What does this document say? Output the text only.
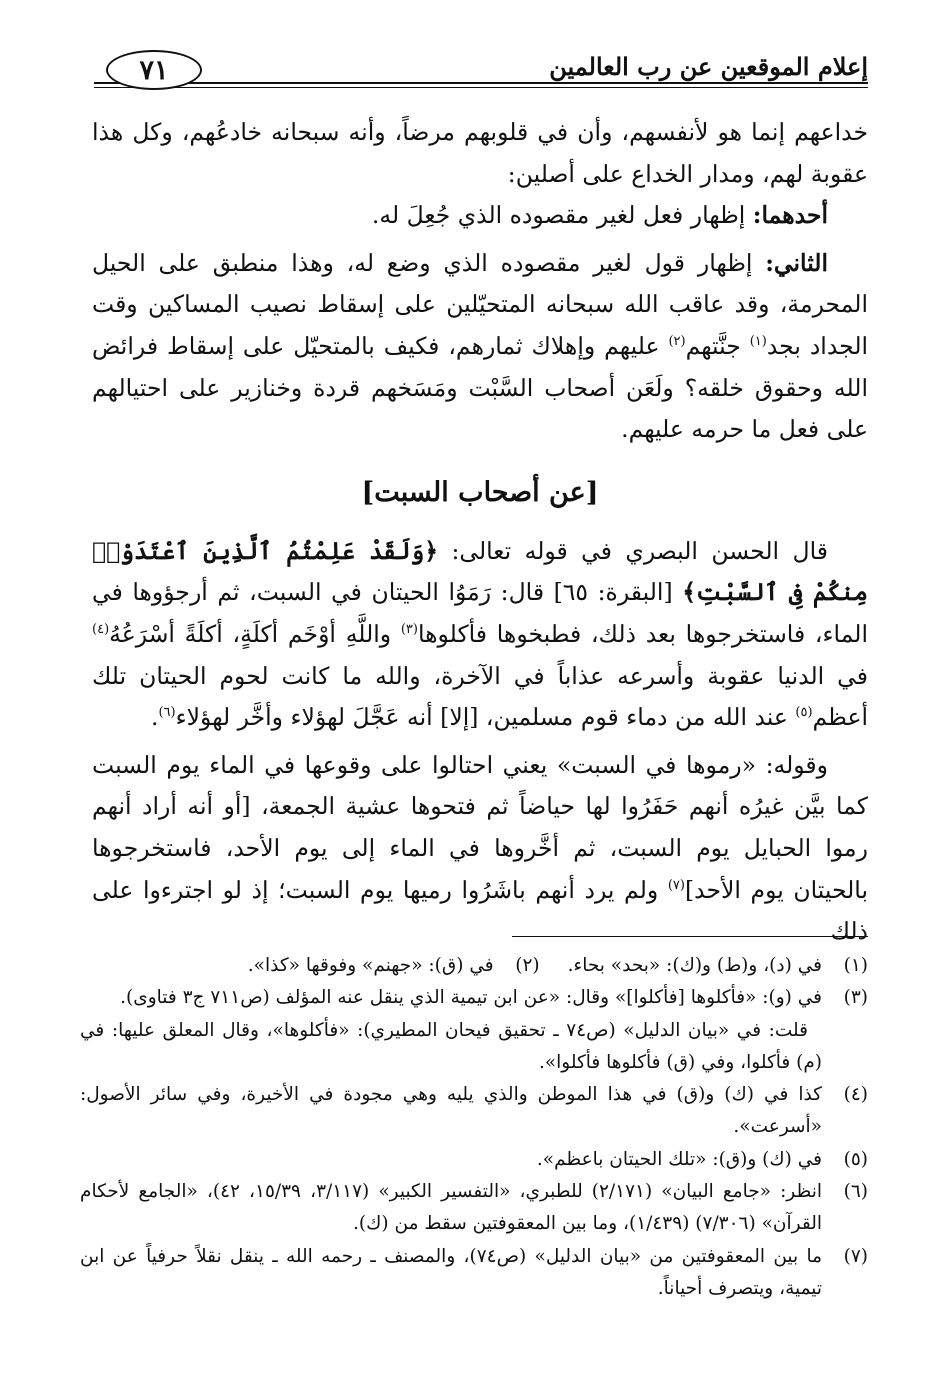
إعلام الموقعين عن رب العالمين
٧١

خداعهم إنما هو لأنفسهم، وأن في قلوبهم مرضاً، وأنه سبحانه خادعُهم، وكل هذا عقوبة لهم، ومدار الخداع على أصلين:

أحدهما: إظهار فعل لغير مقصوده الذي جُعِلَ له.

الثاني: إظهار قول لغير مقصوده الذي وضع له، وهذا منطبق على الحيل المحرمة، وقد عاقب الله سبحانه المتحيّلين على إسقاط نصيب المساكين وقت الجداد بجد$^{(١)}$ جنَّتهم$^{(٢)}$ عليهم وإهلاك ثمارهم، فكيف بالمتحيّل على إسقاط فرائض الله وحقوق خلقه؟ ولَعَن أصحاب السَّبْت ومَسَخهم قردة وخنازير على احتيالهم على فعل ما حرمه عليهم.

[عن أصحاب السبت]

قال الحسن البصري في قوله تعالى: ﴿وَلَقَدْ عَلِمْتُمُ ٱلَّذِينَ ٱعْتَدَوْا۟ مِنكُمْ فِى ٱلسَّبْتِ﴾ [البقرة: ٦٥] قال: رَمَوُا الحيتان في السبت، ثم أرجؤوها في الماء، فاستخرجوها بعد ذلك، فطبخوها فأكلوها$^{(٣)}$ واللَّهِ أوْخَم أكلَةٍ، أكلَةً أسْرَعُهُ$^{(٤)}$ في الدنيا عقوبة وأسرعه عذاباً في الآخرة، والله ما كانت لحوم الحيتان تلك أعظم$^{(٥)}$ عند الله من دماء قوم مسلمين، [إلا] أنه عَجَّلَ لهؤلاء وأخَّر لهؤلاء$^{(٦)}$.

وقوله: «رموها في السبت» يعني احتالوا على وقوعها في الماء يوم السبت كما بيَّن غيرُه أنهم حَفَرُوا لها حياضاً ثم فتحوها عشية الجمعة، [أو أنه أراد أنهم رموا الحبايل يوم السبت، ثم أخَّروها في الماء إلى يوم الأحد، فاستخرجوها بالحيتان يوم الأحد]$^{(٧)}$ ولم يرد أنهم باشَرُوا رميها يوم السبت؛ إذ لو اجترءوا على ذلك

(١)
في (د)، و(ط) و(ك): «بحد» بحاء.
(٢)
في (ق): «جهنم» وفوقها «كذا».
(٣)
في (و): «فأكلوها [فأكلوا]» وقال: «عن ابن تيمية الذي ينقل عنه المؤلف (ص٧١١ ج٣ فتاوى).
قلت: في «بيان الدليل» (ص٧٤ ـ تحقيق فيحان المطيري): «فأكلوها»، وقال المعلق عليها: في (م) فأكلوا، وفي (ق) فأكلوها فأكلوا».
(٤)
كذا في (ك) و(ق) في هذا الموطن والذي يليه وهي مجودة في الأخيرة، وفي سائر الأصول: «أسرعت».
(٥)
في (ك) و(ق): «تلك الحيتان باعظم».
(٦)
انظر: «جامع البيان» (٢/١٧١) للطبري، «التفسير الكبير» (٣/١١٧، ١٥/٣٩، ٤٢)، «الجامع لأحكام القرآن» (٧/٣٠٦) (١/٤٣٩)، وما بين المعقوفتين سقط من (ك).
(٧)
ما بين المعقوفتين من «بيان الدليل» (ص٧٤)، والمصنف ـ رحمه الله ـ ينقل نقلاً حرفياً عن ابن تيمية، ويتصرف أحياناً.
